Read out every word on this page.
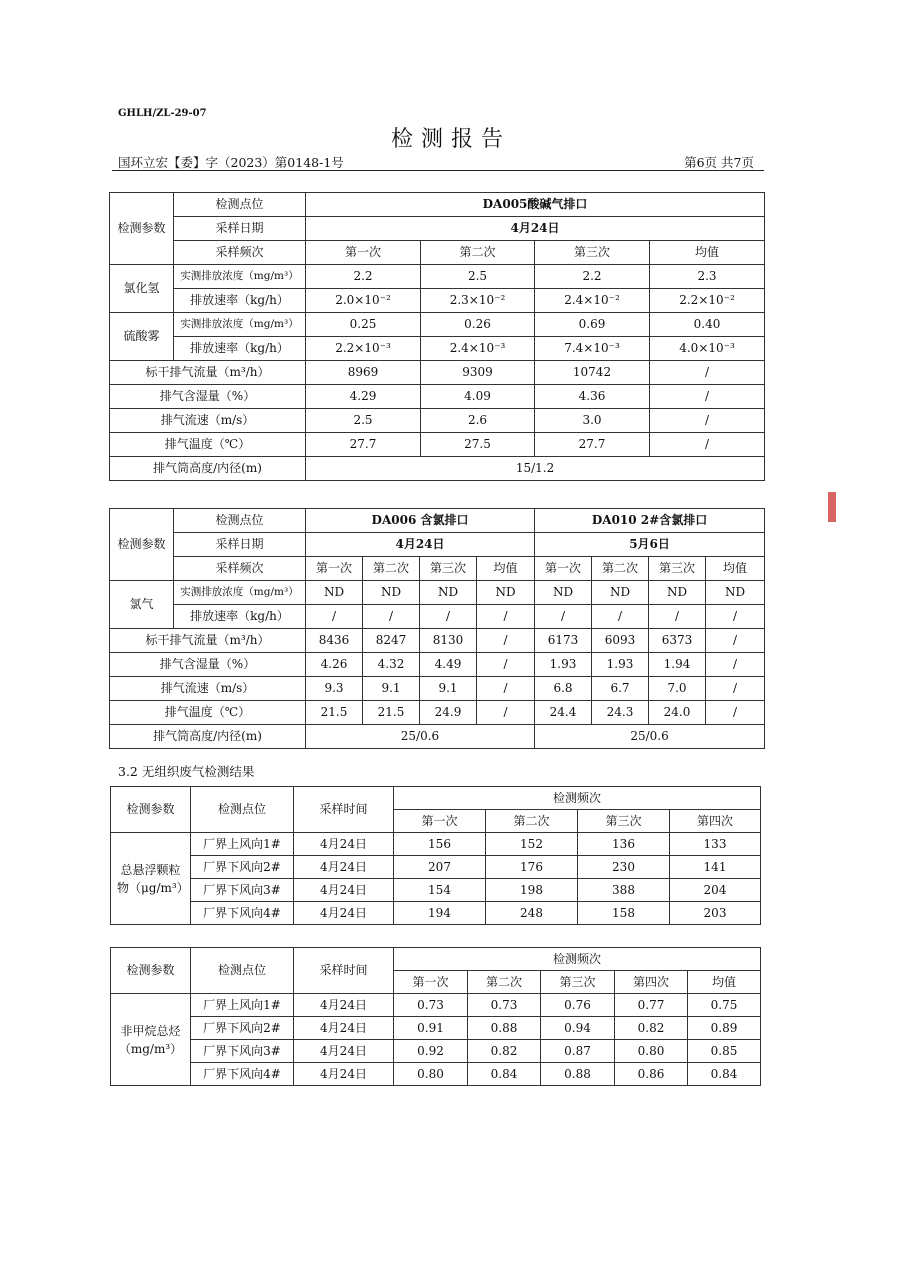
GHLH/ZL-29-07
检测报告
国环立宏【委】字（2023）第0148-1号	第6页 共7页
检测参数	检测点位	DA005酸碱气排口			
	采样日期	4月24日			
	采样频次	第一次	第二次	第三次	均值
氯化氢	实测排放浓度（mg/m³）	2.2	2.5	2.2	2.3
	排放速率（kg/h）	2.0×10⁻²	2.3×10⁻²	2.4×10⁻²	2.2×10⁻²
硫酸雾	实测排放浓度（mg/m³）	0.25	0.26	0.69	0.40
	排放速率（kg/h）	2.2×10⁻³	2.4×10⁻³	7.4×10⁻³	4.0×10⁻³
标干排气流量（m³/h）		8969	9309	10742	/
排气含湿量（%）		4.29	4.09	4.36	/
排气流速（m/s）		2.5	2.6	3.0	/
排气温度（℃）		27.7	27.5	27.7	/
排气筒高度/内径(m)		15/1.2			
检测参数	检测点位	DA006 含氯排口				DA010 2#含氯排口			
	采样日期	4月24日				5月6日			
	采样频次	第一次	第二次	第三次	均值	第一次	第二次	第三次	均值
氯气	实测排放浓度（mg/m³）	ND	ND	ND	ND	ND	ND	ND	ND
	排放速率（kg/h）	/	/	/	/	/	/	/	/
标干排气流量（m³/h）		8436	8247	8130	/	6173	6093	6373	/
排气含湿量（%）		4.26	4.32	4.49	/	1.93	1.93	1.94	/
排气流速（m/s）		9.3	9.1	9.1	/	6.8	6.7	7.0	/
排气温度（℃）		21.5	21.5	24.9	/	24.4	24.3	24.0	/
排气筒高度/内径(m)		25/0.6				25/0.6			
3.2 无组织废气检测结果
检测参数	检测点位	采样时间	检测频次			
			第一次	第二次	第三次	第四次
总悬浮颗粒物（μg/m³）	厂界上风向1#	4月24日	156	152	136	133
	厂界下风向2#	4月24日	207	176	230	141
	厂界下风向3#	4月24日	154	198	388	204
	厂界下风向4#	4月24日	194	248	158	203
检测参数	检测点位	采样时间	检测频次				
			第一次	第二次	第三次	第四次	均值
非甲烷总烃（mg/m³）	厂界上风向1#	4月24日	0.73	0.73	0.76	0.77	0.75
	厂界下风向2#	4月24日	0.91	0.88	0.94	0.82	0.89
	厂界下风向3#	4月24日	0.92	0.82	0.87	0.80	0.85
	厂界下风向4#	4月24日	0.80	0.84	0.88	0.86	0.84
